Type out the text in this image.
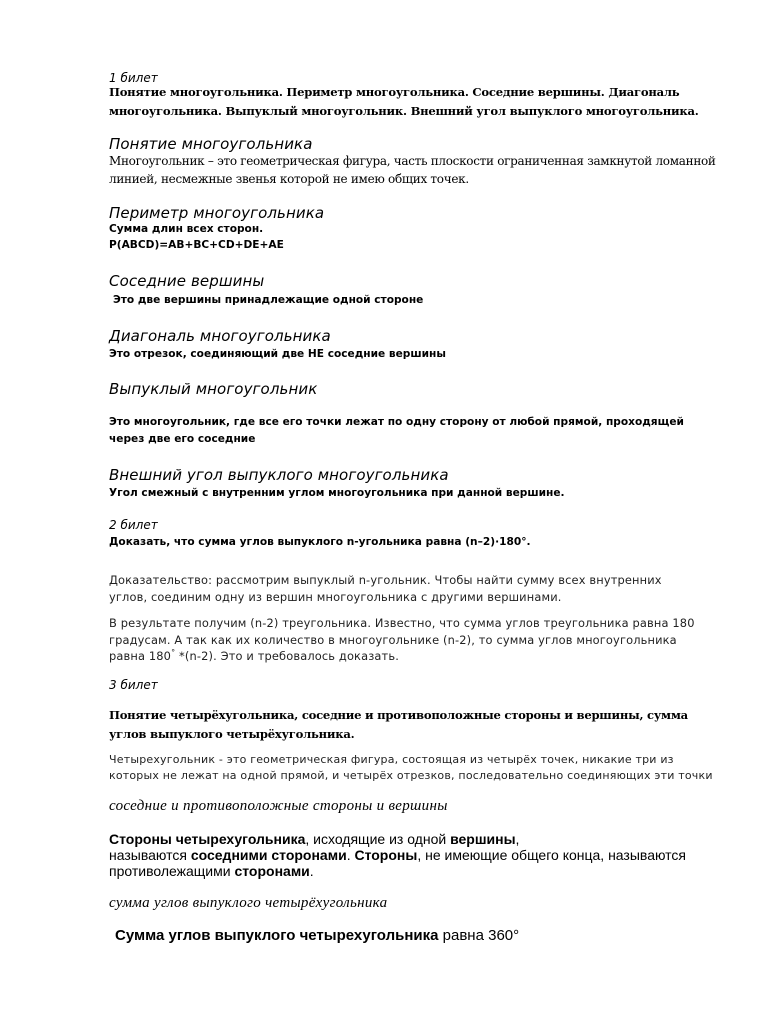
1 билет
Понятие многоугольника. Периметр многоугольника. Соседние вершины. Диагональ многоугольника. Выпуклый многоугольник. Внешний угол выпуклого многоугольника.
Понятие многоугольника
Многоугольник – это геометрическая фигура, часть плоскости ограниченная замкнутой ломанной линией, несмежные звенья которой не имею общих точек.
Периметр многоугольника
Сумма длин всех сторон.
P(ABCD)=AB+BC+CD+DE+AE
Соседние вершины
Это две вершины принадлежащие одной стороне
Диагональ многоугольника
Это отрезок, соединяющий две НЕ соседние вершины
Выпуклый многоугольник
Это многоугольник, где все его точки лежат по одну сторону от любой прямой, проходящей через две его соседние
Внешний угол выпуклого многоугольника
Угол смежный с внутренним углом многоугольника при данной вершине.
2 билет
Доказать, что сумма углов выпуклого n-угольника равна (n–2)·180°.
Доказательство: рассмотрим выпуклый n-угольник. Чтобы найти сумму всех внутренних углов, соединим одну из вершин многоугольника с другими вершинами.
В результате получим (n-2) треугольника. Известно, что сумма углов треугольника равна 180 градусам. А так как их количество в многоугольнике (n-2), то сумма углов многоугольника равна 180° *(n-2). Это и требовалось доказать.
3 билет
Понятие четырёхугольника, соседние и противоположные стороны и вершины, сумма углов выпуклого четырёхугольника.
Четырехугольник - это геометрическая фигура, состоящая из четырёх точек, никакие три из которых не лежат на одной прямой, и четырёх отрезков, последовательно соединяющих эти точки
соседние и противоположные стороны и вершины
Стороны четырехугольника, исходящие из одной вершины,
называются соседними сторонами. Стороны, не имеющие общего конца, называются противолежащими сторонами.
сумма углов выпуклого четырёхугольника
Сумма углов выпуклого четырехугольника равна 360°
